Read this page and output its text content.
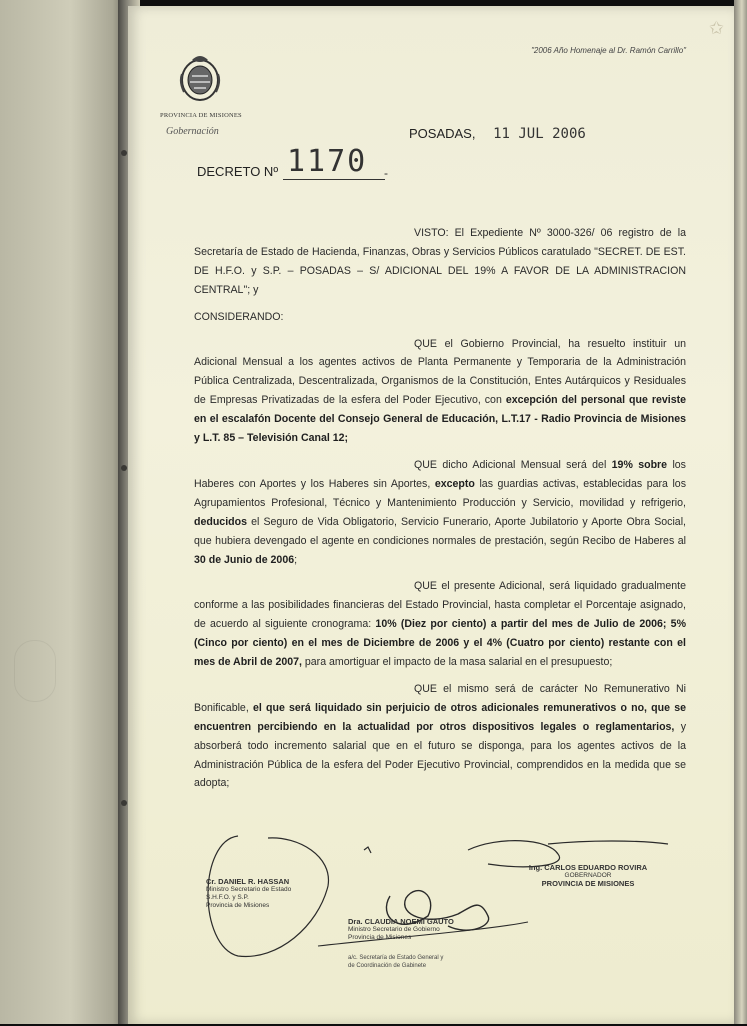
✩
"2006 Año Homenaje al Dr. Ramón Carrillo"
PROVINCIA DE MISIONES
Gobernación	POSADAS, 11 JUL 2006
DECRETO Nº 1170	-

VISTO: El Expediente Nº 3000-326/ 06 registro de la Secretaría de Estado de Hacienda, Finanzas, Obras y Servicios Públicos caratulado "SECRET. DE EST. DE H.F.O. y S.P. – POSADAS – S/ ADICIONAL DEL 19% A FAVOR DE LA ADMINISTRACION CENTRAL"; y

CONSIDERANDO:

QUE el Gobierno Provincial, ha resuelto instituir un Adicional Mensual a los agentes activos de Planta Permanente y Temporaria de la Administración Pública Centralizada, Descentralizada, Organismos de la Constitución, Entes Autárquicos y Residuales de Empresas Privatizadas de la esfera del Poder Ejecutivo, con excepción del personal que reviste en el escalafón Docente del Consejo General de Educación, L.T.17 - Radio Provincia de Misiones y L.T. 85 – Televisión Canal 12;

QUE dicho Adicional Mensual será del 19% sobre los Haberes con Aportes y los Haberes sin Aportes, excepto las guardias activas, establecidas para los Agrupamientos Profesional, Técnico y Mantenimiento Producción y Servicio, movilidad y refrigerio, deducidos el Seguro de Vida Obligatorio, Servicio Funerario, Aporte Jubilatorio y Aporte Obra Social, que hubiera devengado el agente en condiciones normales de prestación, según Recibo de Haberes al 30 de Junio de 2006;

QUE el presente Adicional, será liquidado gradualmente conforme a las posibilidades financieras del Estado Provincial, hasta completar el Porcentaje asignado, de acuerdo al siguiente cronograma: 10% (Diez por ciento) a partir del mes de Julio de 2006; 5% (Cinco por ciento) en el mes de Diciembre de 2006 y el 4% (Cuatro por ciento) restante con el mes de Abril de 2007, para amortiguar el impacto de la masa salarial en el presupuesto;

QUE el mismo será de carácter No Remunerativo Ni Bonificable, el que será liquidado sin perjuicio de otros adicionales remunerativos o no, que se encuentren percibiendo en la actualidad por otros dispositivos legales o reglamentarios, y absorberá todo incremento salarial que en el futuro se disponga, para los agentes activos de la Administración Pública de la esfera del Poder Ejecutivo Provincial, comprendidos en la medida que se adopta;

Cr. DANIEL R. HASSAN
Ministro Secretario de Estado
S.H.F.O. y S.P.
Provincia de Misiones
Ing. CARLOS EDUARDO ROVIRA
GOBERNADOR
PROVINCIA DE MISIONES
Dra. CLAUDIA NOEMI GAUTO
Ministro Secretario de Gobierno
Provincia de Misiones
a/c. Secretaría de Estado General y
de Coordinación de Gabinete
